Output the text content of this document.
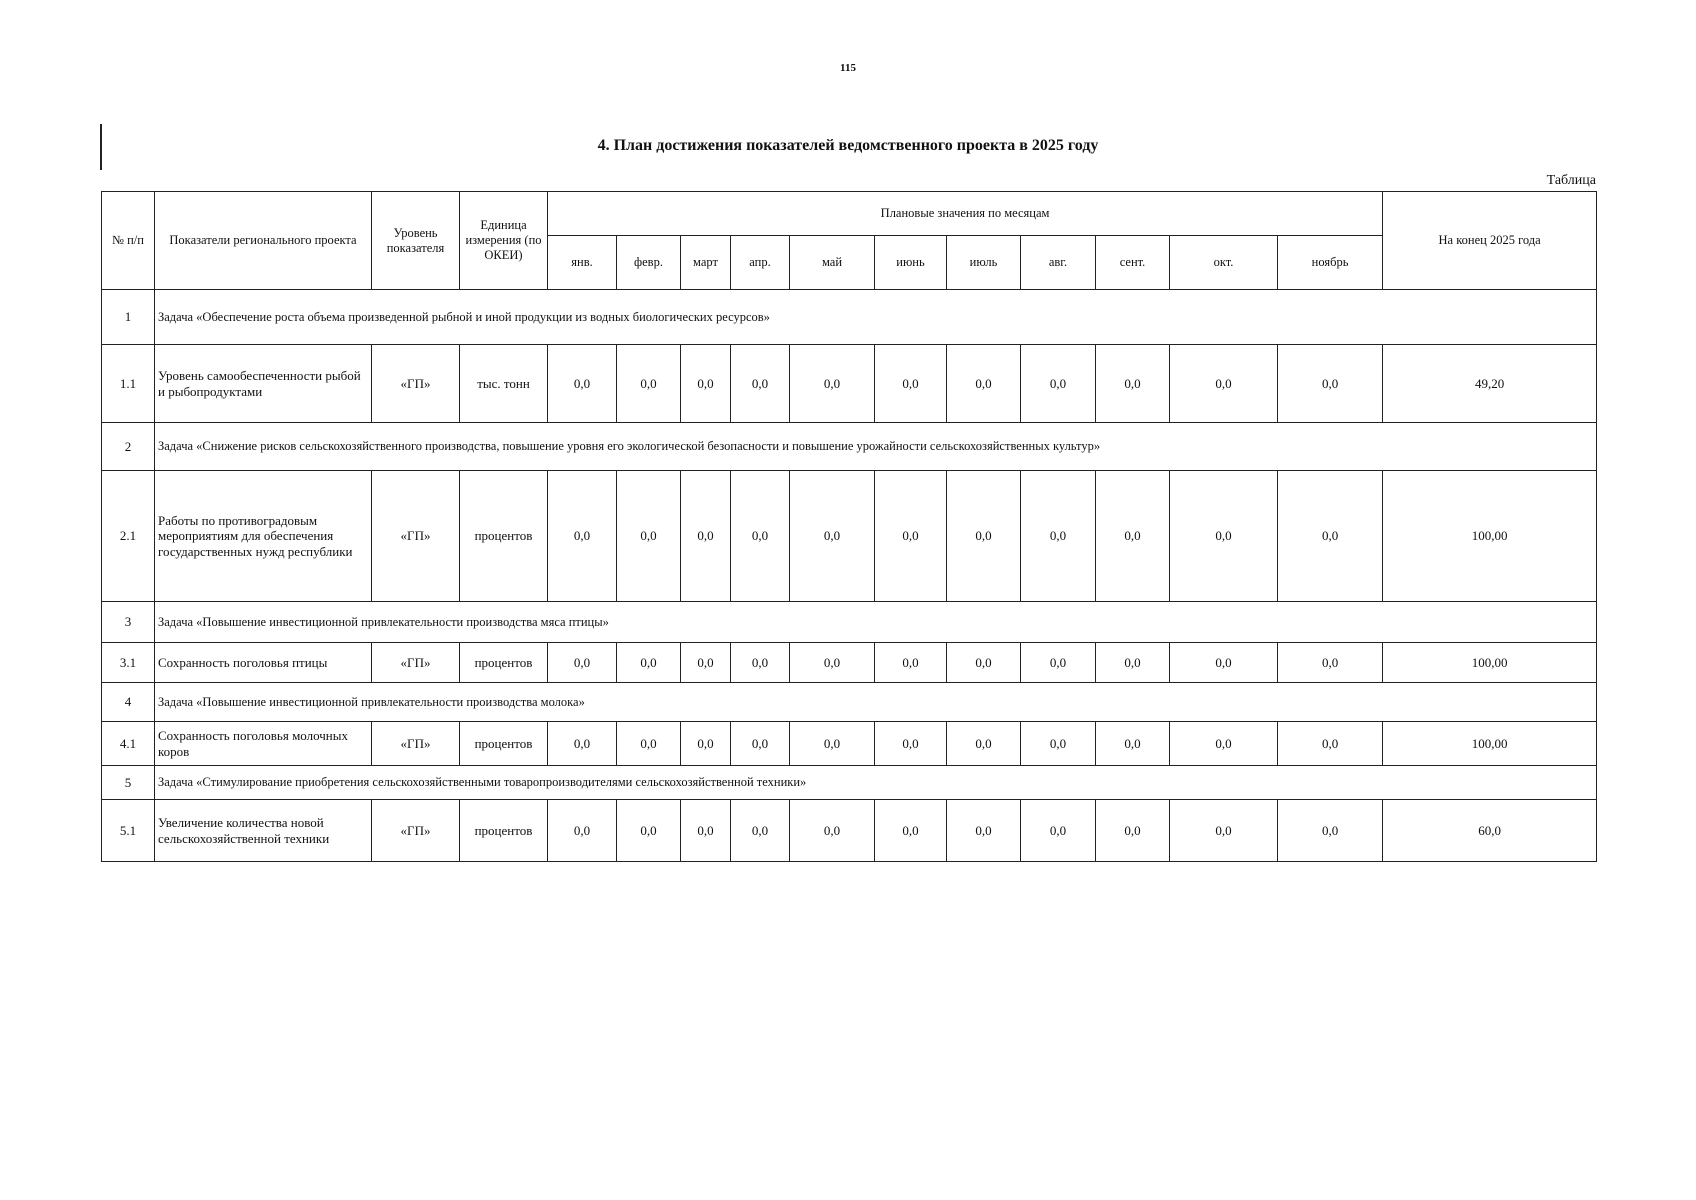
115
4. План достижения показателей ведомственного проекта в 2025 году
Таблица
№ п/п	Показатели регионального проекта	Уровень показателя	Единица измерения (по ОКЕИ)	Плановые значения по месяцам											На конец 2025 года
				янв.	февр.	март	апр.	май	июнь	июль	авг.	сент.	окт.	ноябрь	
1	Задача «Обеспечение роста объема произведенной рыбной и иной продукции из водных биологических ресурсов»														
1.1	Уровень самообеспеченности рыбой и рыбопродуктами	«ГП»	тыс. тонн	0,0	0,0	0,0	0,0	0,0	0,0	0,0	0,0	0,0	0,0	0,0	49,20
2	Задача «Снижение рисков сельскохозяйственного производства, повышение уровня его экологической безопасности и повышение урожайности сельскохозяйственных культур»														
2.1	Работы по противоградовым мероприятиям для обеспечения государственных нужд республики	«ГП»	процентов	0,0	0,0	0,0	0,0	0,0	0,0	0,0	0,0	0,0	0,0	0,0	100,00
3	Задача «Повышение инвестиционной привлекательности производства мяса птицы»														
3.1	Сохранность поголовья птицы	«ГП»	процентов	0,0	0,0	0,0	0,0	0,0	0,0	0,0	0,0	0,0	0,0	0,0	100,00
4	Задача «Повышение инвестиционной привлекательности производства молока»														
4.1	Сохранность поголовья молочных коров	«ГП»	процентов	0,0	0,0	0,0	0,0	0,0	0,0	0,0	0,0	0,0	0,0	0,0	100,00
5	Задача «Стимулирование приобретения сельскохозяйственными товаропроизводителями сельскохозяйственной техники»														
5.1	Увеличение количества новой сельскохозяйственной техники	«ГП»	процентов	0,0	0,0	0,0	0,0	0,0	0,0	0,0	0,0	0,0	0,0	0,0	60,0
